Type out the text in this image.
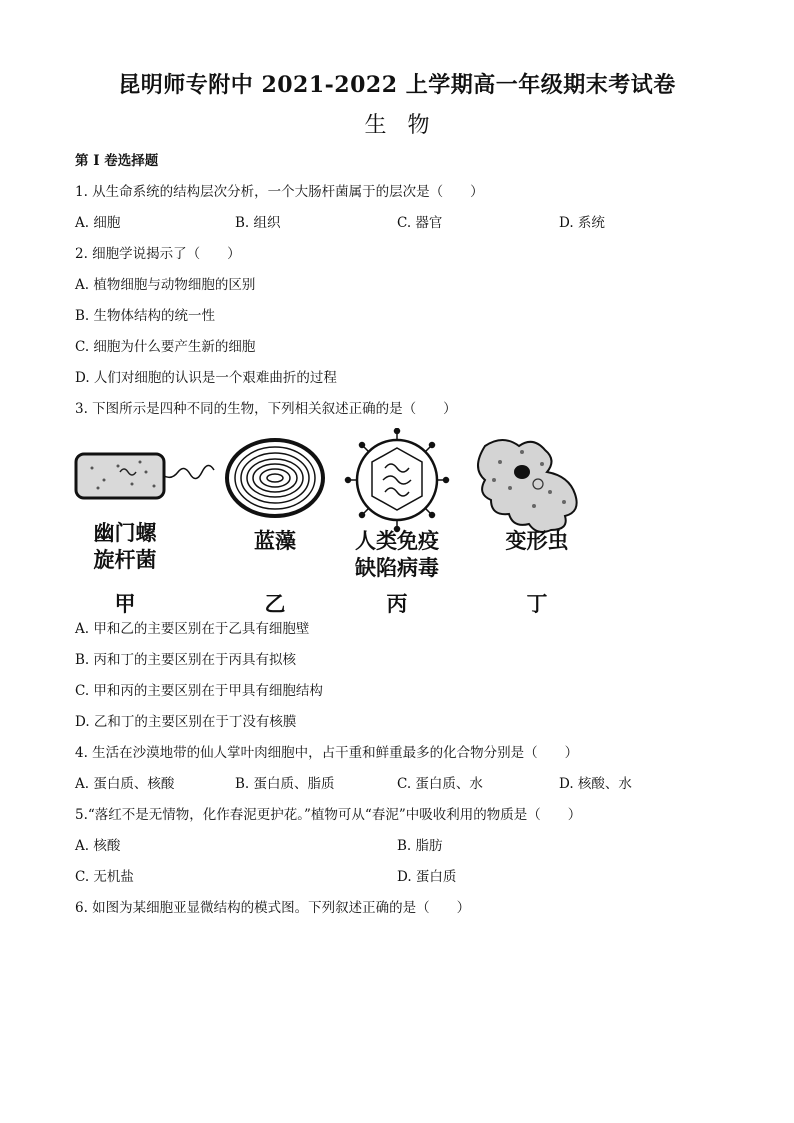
昆明师专附中 2021-2022 上学期高一年级期末考试卷
生 物
第 I 卷选择题
1. 从生命系统的结构层次分析，一个大肠杆菌属于的层次是（　　）
A. 细胞	B. 组织	C. 器官	D. 系统
2. 细胞学说揭示了（　　）
A. 植物细胞与动物细胞的区别
B. 生物体结构的统一性
C. 细胞为什么要产生新的细胞
D. 人们对细胞的认识是一个艰难曲折的过程
3. 下图所示是四种不同的生物，下列相关叙述正确的是（　　）
幽门螺
旋杆菌
蓝藻	人类免疫
缺陷病毒
变形虫
甲	乙	丙	丁
A. 甲和乙的主要区别在于乙具有细胞壁
B. 丙和丁的主要区别在于丙具有拟核
C. 甲和丙的主要区别在于甲具有细胞结构
D. 乙和丁的主要区别在于丁没有核膜
4. 生活在沙漠地带的仙人掌叶肉细胞中，占干重和鲜重最多的化合物分别是（　　）
A. 蛋白质、核酸	B. 蛋白质、脂质	C. 蛋白质、水	D. 核酸、水
5.“落红不是无情物，化作春泥更护花。”植物可从“春泥”中吸收利用的物质是（　　）
A. 核酸	B. 脂肪
C. 无机盐	D. 蛋白质
6. 如图为某细胞亚显微结构的模式图。下列叙述正确的是（　　）
